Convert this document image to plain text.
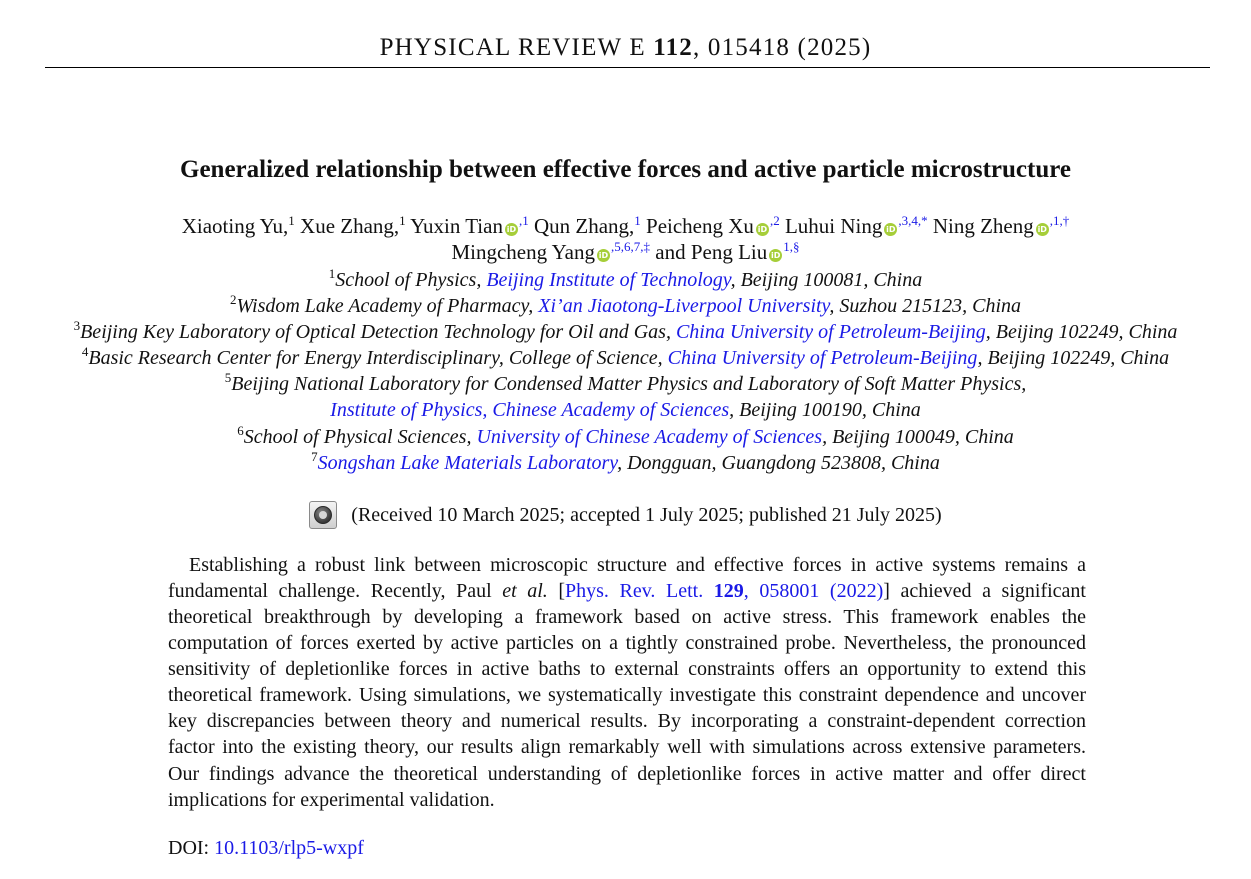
PHYSICAL REVIEW E 112, 015418 (2025)
Generalized relationship between effective forces and active particle microstructure
Xiaoting Yu,$^1$ Xue Zhang,$^1$ Yuxin Tian $iD^{,1}$ Qun Zhang,$^1$ Peicheng Xu $iD^{,2}$ Luhui Ning $iD^{,3,4,*}$ Ning Zheng $iD^{,1,\dagger}$
Mingcheng Yang $iD^{,5,6,7,\ddagger}$ and Peng Liu $iD^{1,\S}$
$^1$School of Physics, Beijing Institute of Technology, Beijing 100081, China
$^2$Wisdom Lake Academy of Pharmacy, Xi’an Jiaotong-Liverpool University, Suzhou 215123, China
$^3$Beijing Key Laboratory of Optical Detection Technology for Oil and Gas, China University of Petroleum-Beijing, Beijing 102249, China
$^4$Basic Research Center for Energy Interdisciplinary, College of Science, China University of Petroleum-Beijing, Beijing 102249, China
$^5$Beijing National Laboratory for Condensed Matter Physics and Laboratory of Soft Matter Physics,
Institute of Physics, Chinese Academy of Sciences, Beijing 100190, China
$^6$School of Physical Sciences, University of Chinese Academy of Sciences, Beijing 100049, China
$^7$Songshan Lake Materials Laboratory, Dongguan, Guangdong 523808, China
(Received 10 March 2025; accepted 1 July 2025; published 21 July 2025)
Establishing a robust link between microscopic structure and effective forces in active systems remains a
fundamental challenge. Recently, Paul et al. [Phys. Rev. Lett. 129, 058001 (2022)] achieved a significant
theoretical breakthrough by developing a framework based on active stress. This framework enables the
computation of forces exerted by active particles on a tightly constrained probe. Nevertheless, the pronounced
sensitivity of depletionlike forces in active baths to external constraints offers an opportunity to extend this
theoretical framework. Using simulations, we systematically investigate this constraint dependence and uncover
key discrepancies between theory and numerical results. By incorporating a constraint-dependent correction
factor into the existing theory, our results align remarkably well with simulations across extensive parameters.
Our findings advance the theoretical understanding of depletionlike forces in active matter and offer direct
implications for experimental validation.
DOI: 10.1103/rlp5-wxpf
